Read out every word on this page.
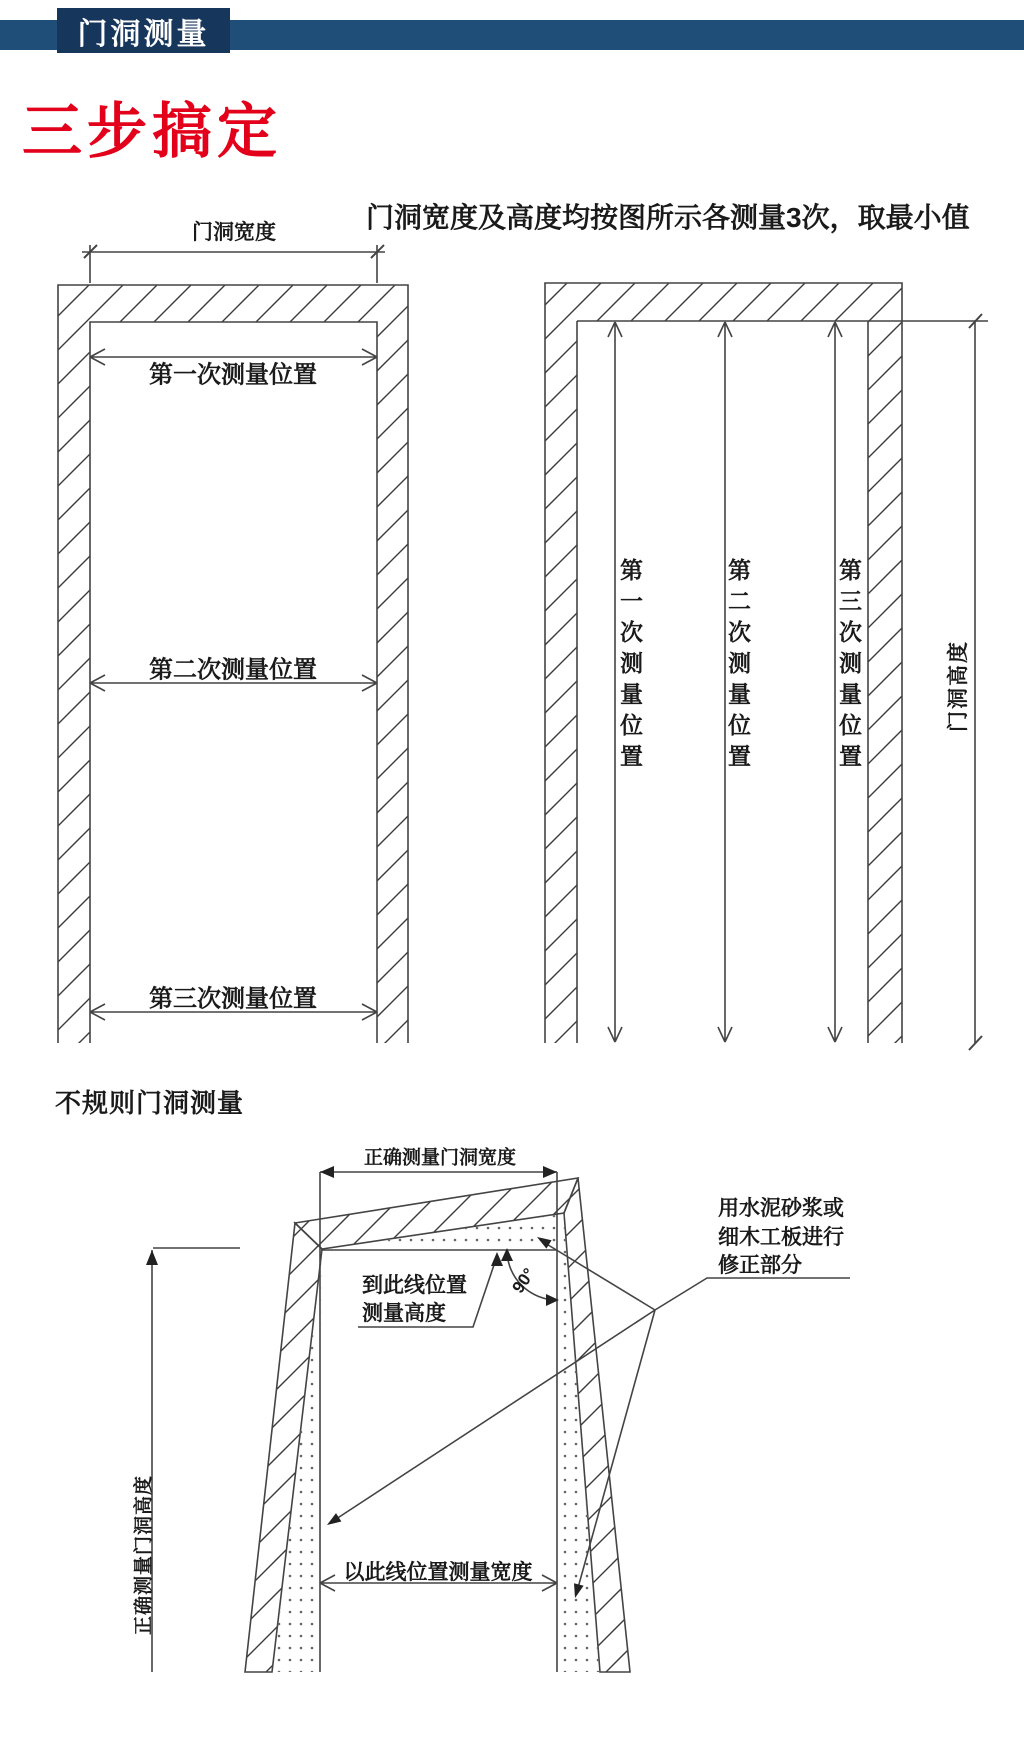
门洞测量
三步搞定
门洞宽度及高度均按图所示各测量3次，取最小值
门洞宽度
第一次测量位置
第二次测量位置
第三次测量位置
第一次测量位置	第二次测量位置	第三次测量位置	门洞高度
不规则门洞测量
正确测量门洞宽度
到此线位置
测量高度
90°
用水泥砂浆或
细木工板进行
修正部分
以此线位置测量宽度
正确测量门洞高度
